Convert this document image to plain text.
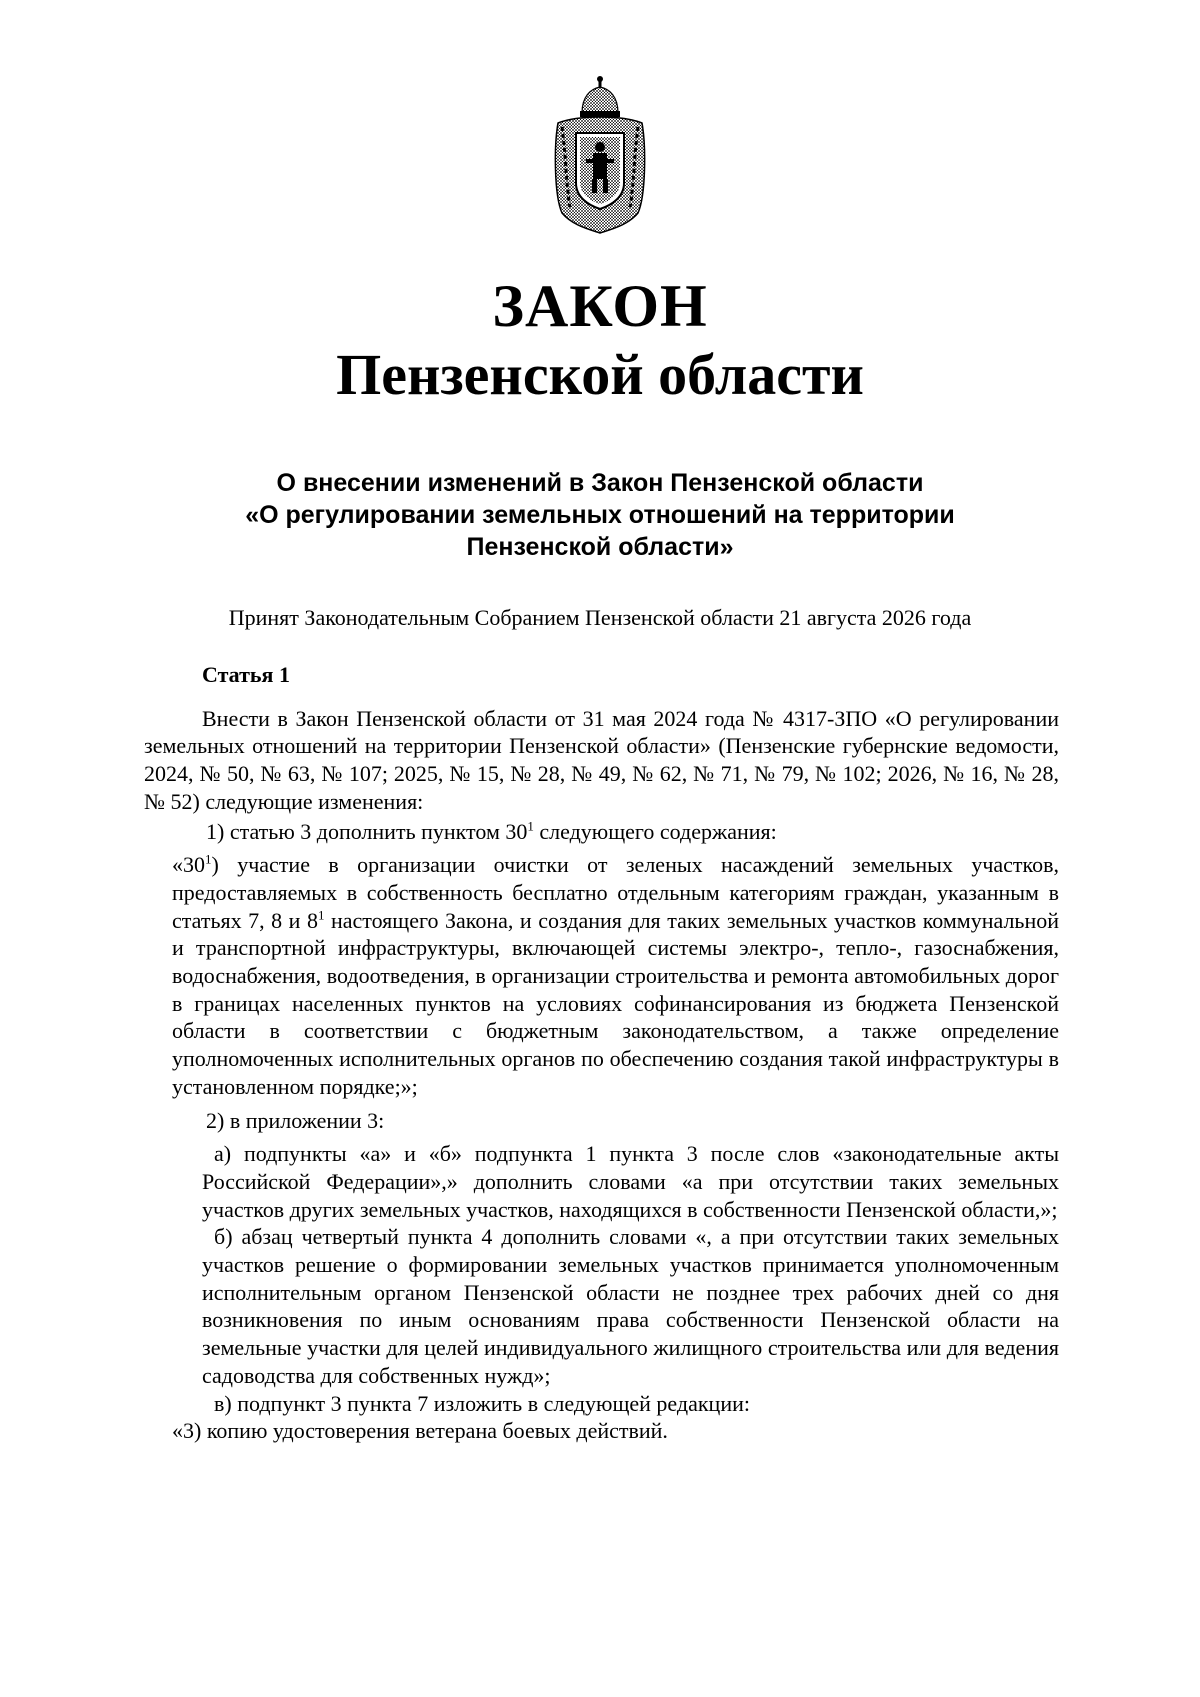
ЗАКОН
Пензенской области
О внесении изменений в Закон Пензенской области
«О регулировании земельных отношений на территории
Пензенской области»
Принят Законодательным Собранием Пензенской области 21 августа 2026 года
Статья 1

Внести в Закон Пензенской области от 31 мая 2024 года № 4317-ЗПО «О регулировании земельных отношений на территории Пензенской области» (Пензенские губернские ведомости, 2024, № 50, № 63, № 107; 2025, № 15, № 28, № 49, № 62, № 71, № 79, № 102; 2026, № 16, № 28, № 52) следующие изменения:

1) статью 3 дополнить пунктом $30^1$ следующего содержания:

«$30^1$) участие в организации очистки от зеленых насаждений земельных участков, предоставляемых в собственность бесплатно отдельным категориям граждан, указанным в статьях 7, 8 и $8^1$ настоящего Закона, и создания для таких земельных участков коммунальной и транспортной инфраструктуры, включающей системы электро-, тепло-, газоснабжения, водоснабжения, водоотведения, в организации строительства и ремонта автомобильных дорог в границах населенных пунктов на условиях софинансирования из бюджета Пензенской области в соответствии с бюджетным законодательством, а также определение уполномоченных исполнительных органов по обеспечению создания такой инфраструктуры в установленном порядке;»;

2) в приложении 3:

а) подпункты «а» и «б» подпункта 1 пункта 3 после слов «законодательные акты Российской Федерации»,» дополнить словами «а при отсутствии таких земельных участков других земельных участков, находящихся в собственности Пензенской области,»;

б) абзац четвертый пункта 4 дополнить словами «, а при отсутствии таких земельных участков решение о формировании земельных участков принимается уполномоченным исполнительным органом Пензенской области не позднее трех рабочих дней со дня возникновения по иным основаниям права собственности Пензенской области на земельные участки для целей индивидуального жилищного строительства или для ведения садоводства для собственных нужд»;

в) подпункт 3 пункта 7 изложить в следующей редакции:

«3) копию удостоверения ветерана боевых действий.
